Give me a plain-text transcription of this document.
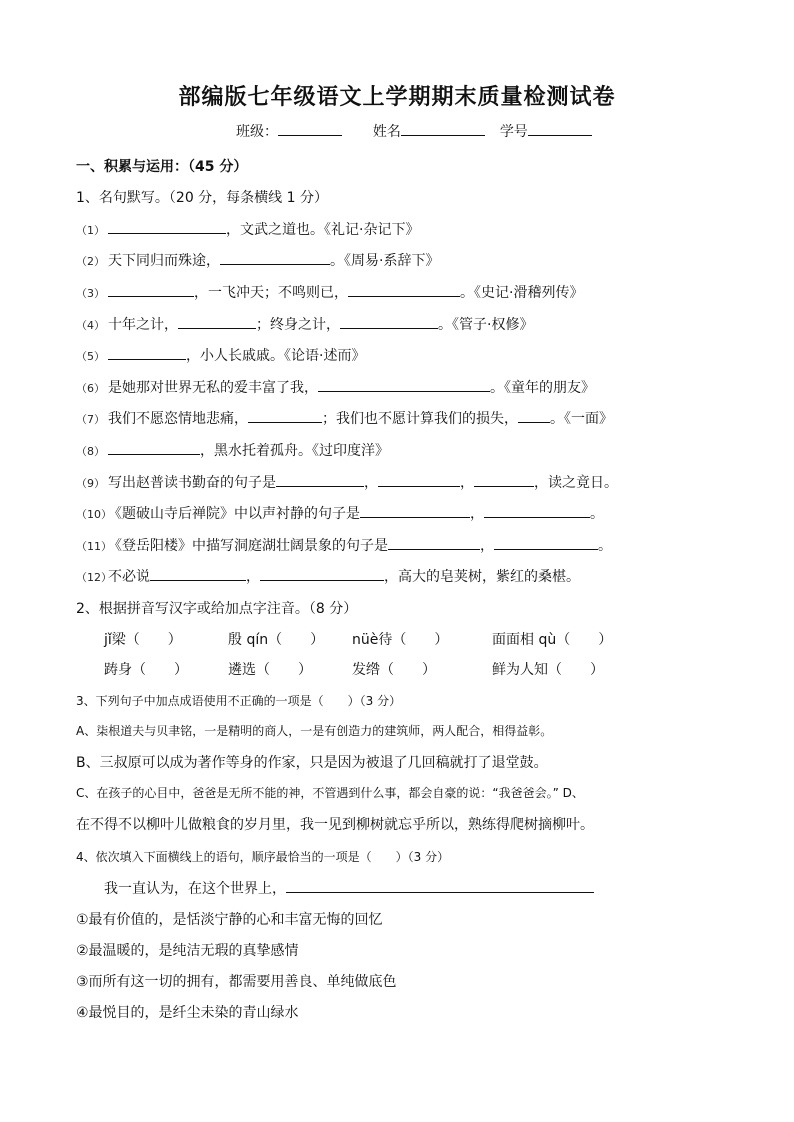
部编版七年级语文上学期期末质量检测试卷
班级：	姓名	学号
一、积累与运用：（45 分）
1、名句默写。（20 分，每条横线 1 分）
（1）	，文武之道也。《礼记·杂记下》
（2） 天下同归而殊途，	。《周易·系辞下》
（3）	，一飞冲天；不鸣则已，	。《史记·滑稽列传》
（4） 十年之计，	；终身之计，	。《管子·权修》
（5）	，小人长戚戚。《论语·述而》
（6） 是她那对世界无私的爱丰富了我，	。《童年的朋友》
（7） 我们不愿恣情地悲痛，	；我们也不愿计算我们的损失， 。《一面》
（8）	，黑水托着孤舟。《过印度洋》
（9） 写出赵普读书勤奋的句子是	，	，	，读之竟日。
（10）《题破山寺后禅院》中以声衬静的句子是	，	。
（11）《登岳阳楼》中描写洞庭湖壮阔景象的句子是	，	。
（12）不必说	，	，高大的皂荚树，紫红的桑椹。
2、根据拼音写汉字或给加点字注音。（8 分）
jǐ梁（　　）	殷 qín（　　） nüè待（　　）	面面相 qù（　　）
踌身（　　）	遴选（　　）	发绺（　　）	鲜为人知（　　）
3、下列句子中加点成语使用不正确的一项是（　　）（3 分）
A、柒根道夫与贝聿铭，一是精明的商人，一是有创造力的建筑师，两人配合，相得益彰。
B、三叔原可以成为著作等身的作家，只是因为被退了几回稿就打了退堂鼓。
C、在孩子的心目中，爸爸是无所不能的神，不管遇到什么事，都会自豪的说：“我爸爸会。” D、
在不得不以柳叶儿做粮食的岁月里，我一见到柳树就忘乎所以，熟练得爬树摘柳叶。
4、依次填入下面横线上的语句，顺序最恰当的一项是（　　）（3 分）
我一直认为，在这个世界上，
①最有价值的，是恬淡宁静的心和丰富无悔的回忆
②最温暖的，是纯洁无瑕的真挚感情
③而所有这一切的拥有，都需要用善良、单纯做底色
④最悦目的，是纤尘未染的青山绿水
